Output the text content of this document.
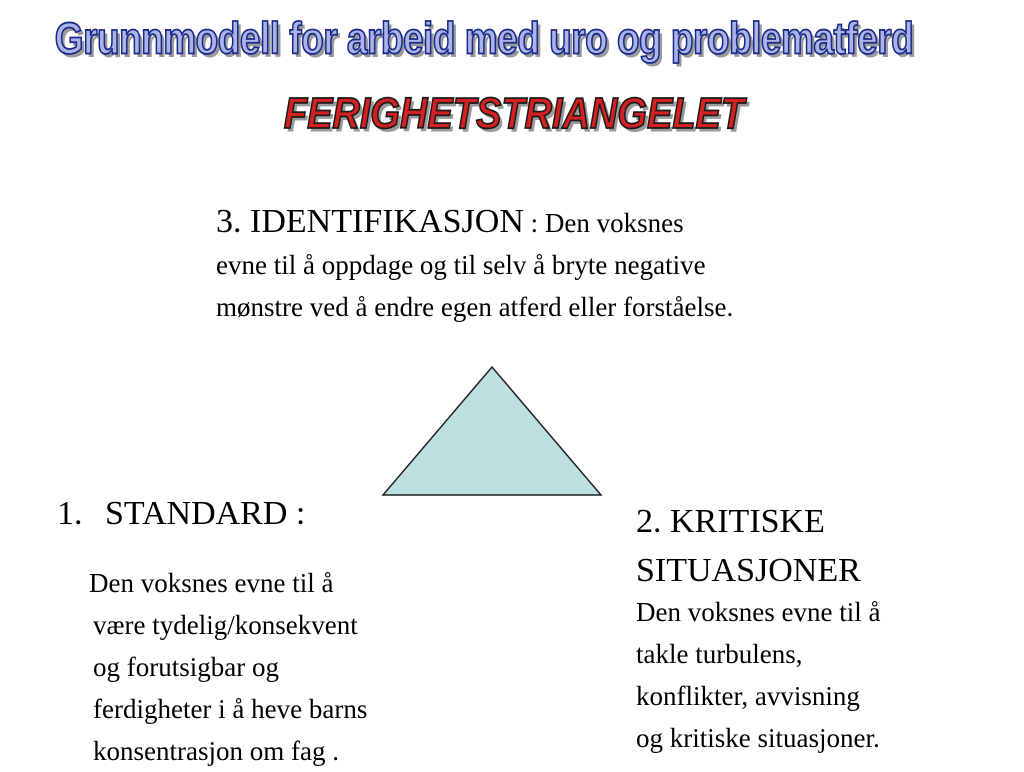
Grunnmodell for arbeid med uro og problematferd
FERIGHETSTRIANGELET
3. IDENTIFIKASJON : Den voksnes
evne til å oppdage og til selv å bryte negative
mønstre ved å endre egen atferd eller forståelse.
1. STANDARD :
Den voksnes evne til å
være tydelig/konsekvent
og forutsigbar og
ferdigheter i å heve barns
konsentrasjon om fag .
2. KRITISKE
SITUASJONER
Den voksnes evne til å
takle turbulens,
konflikter, avvisning
og kritiske situasjoner.
